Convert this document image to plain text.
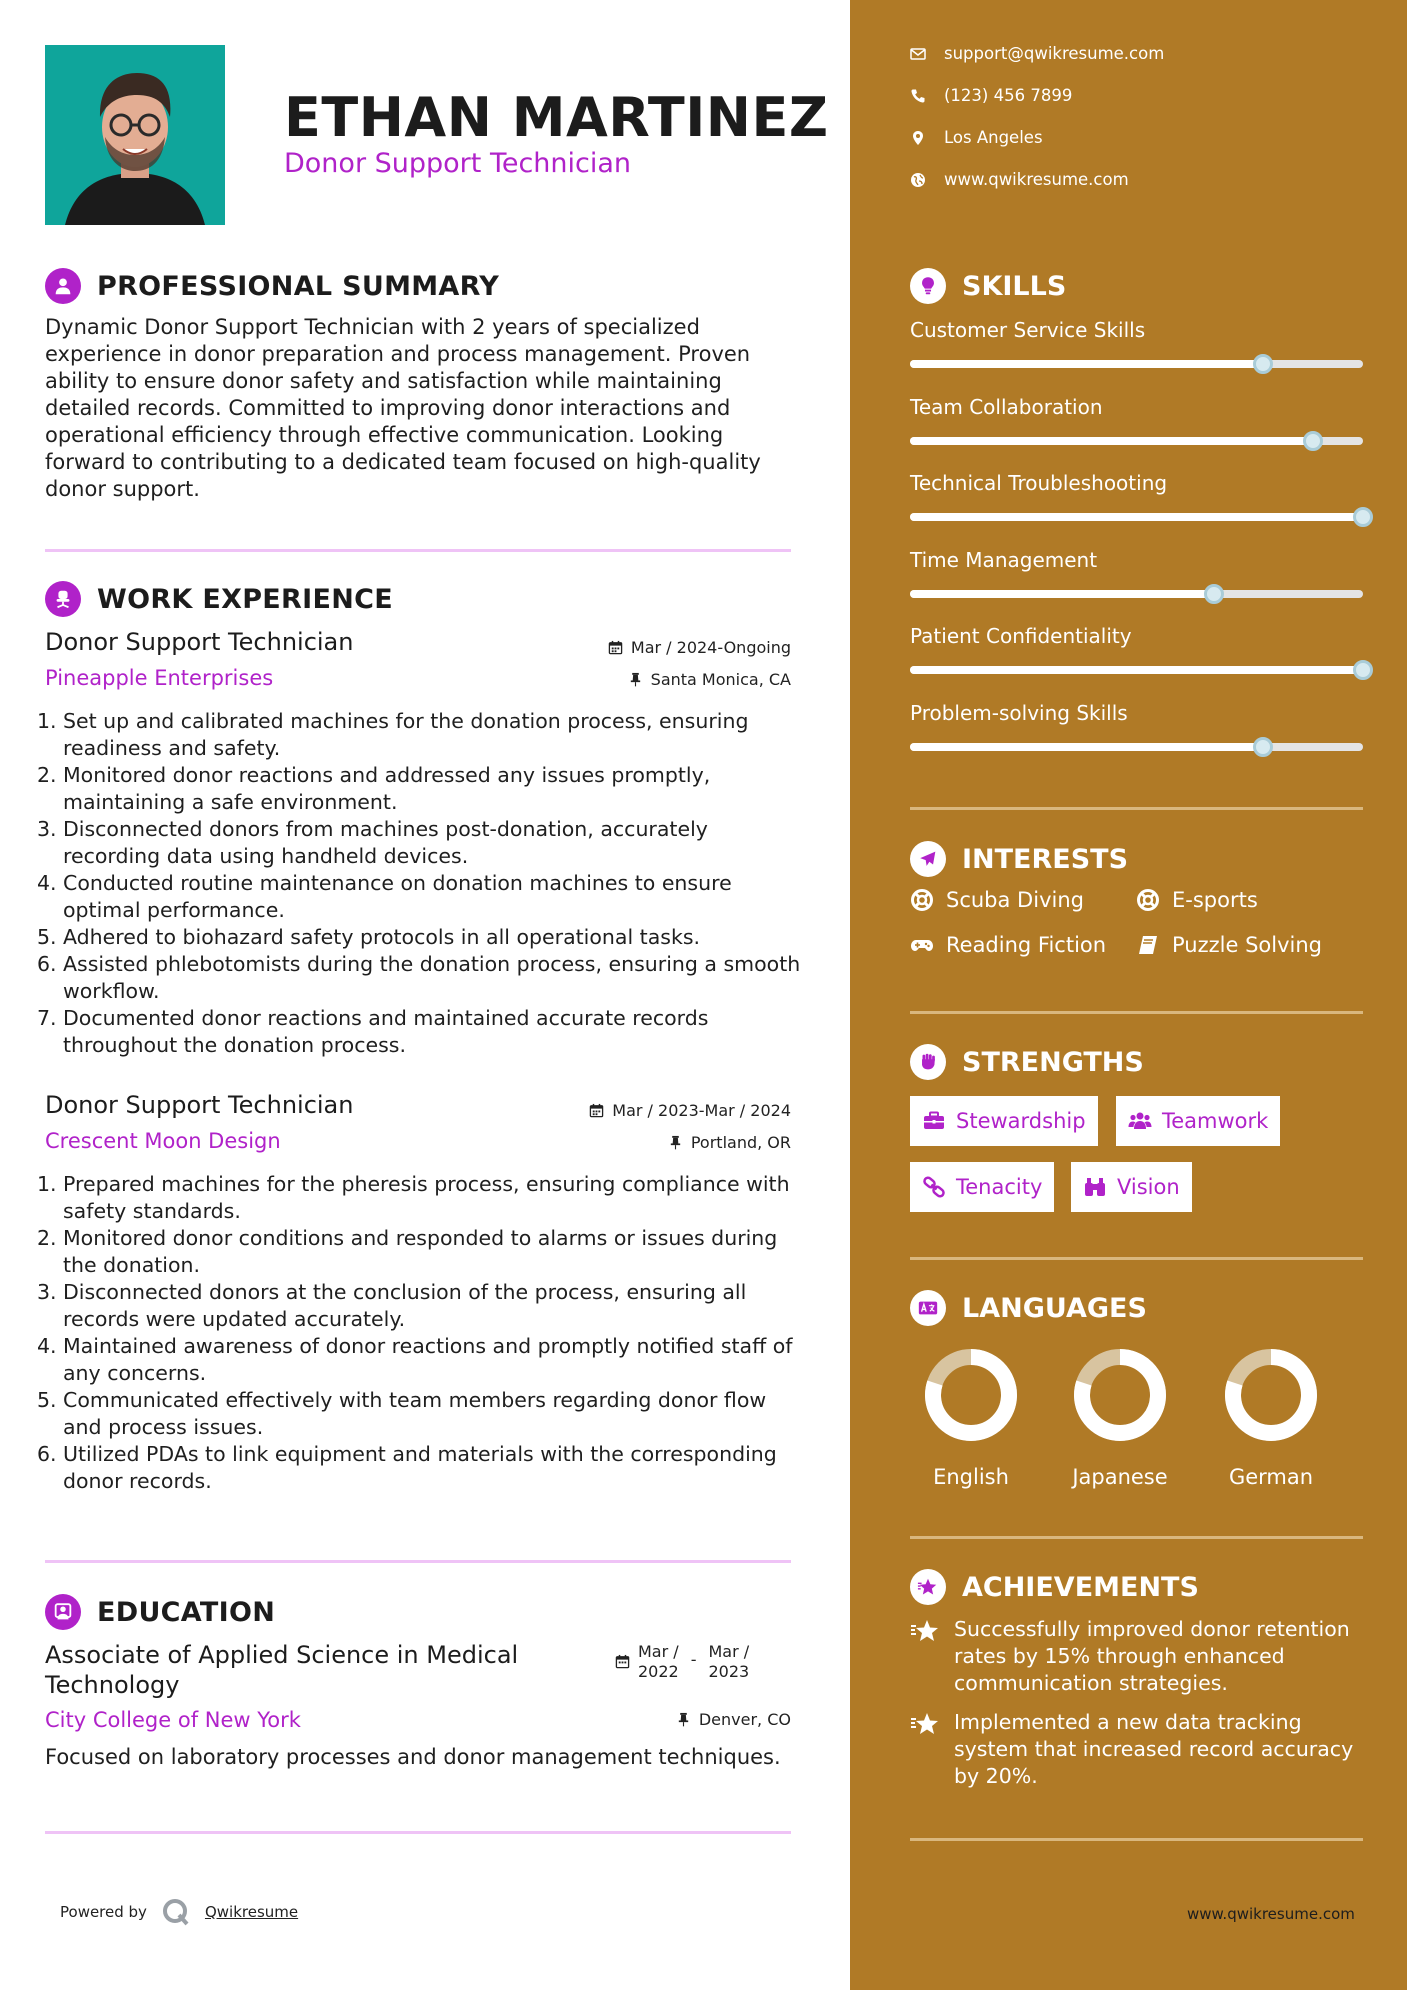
ETHAN MARTINEZ
Donor Support Technician
PROFESSIONAL SUMMARY

Dynamic Donor Support Technician with 2 years of specialized experience in donor preparation and process management. Proven ability to ensure donor safety and satisfaction while maintaining detailed records. Committed to improving donor interactions and operational efficiency through effective communication. Looking forward to contributing to a dedicated team focused on high-quality donor support.

WORK EXPERIENCE
Donor Support Technician	Mar / 2024-Ongoing
Pineapple Enterprises	Santa Monica, CA
Set up and calibrated machines for the donation process, ensuring readiness and safety.
Monitored donor reactions and addressed any issues promptly, maintaining a safe environment.
Disconnected donors from machines post-donation, accurately recording data using handheld devices.
Conducted routine maintenance on donation machines to ensure optimal performance.
Adhered to biohazard safety protocols in all operational tasks.
Assisted phlebotomists during the donation process, ensuring a smooth workflow.
Documented donor reactions and maintained accurate records throughout the donation process.
Donor Support Technician	Mar / 2023-Mar / 2024
Crescent Moon Design	Portland, OR
Prepared machines for the pheresis process, ensuring compliance with safety standards.
Monitored donor conditions and responded to alarms or issues during the donation.
Disconnected donors at the conclusion of the process, ensuring all records were updated accurately.
Maintained awareness of donor reactions and promptly notified staff of any concerns.
Communicated effectively with team members regarding donor flow and process issues.
Utilized PDAs to link equipment and materials with the corresponding donor records.
EDUCATION
Associate of Applied Science in Medical Technology
Mar /
2022
- Mar /
2023
City College of New York	Denver, CO
Focused on laboratory processes and donor management techniques.
Powered by	Qwikresume
support@qwikresume.com
(123) 456 7899
Los Angeles
www.qwikresume.com
SKILLS
Customer Service Skills
Team Collaboration
Technical Troubleshooting
Time Management
Patient Confidentiality
Problem-solving Skills
INTERESTS
Scuba Diving	E-sports
Reading Fiction	Puzzle Solving
STRENGTHS
Stewardship	Teamwork
Tenacity	Vision
LANGUAGES
English	Japanese	German
ACHIEVEMENTS
Successfully improved donor retention rates by 15% through enhanced communication strategies.
Implemented a new data tracking system that increased record accuracy by 20%.
www.qwikresume.com
